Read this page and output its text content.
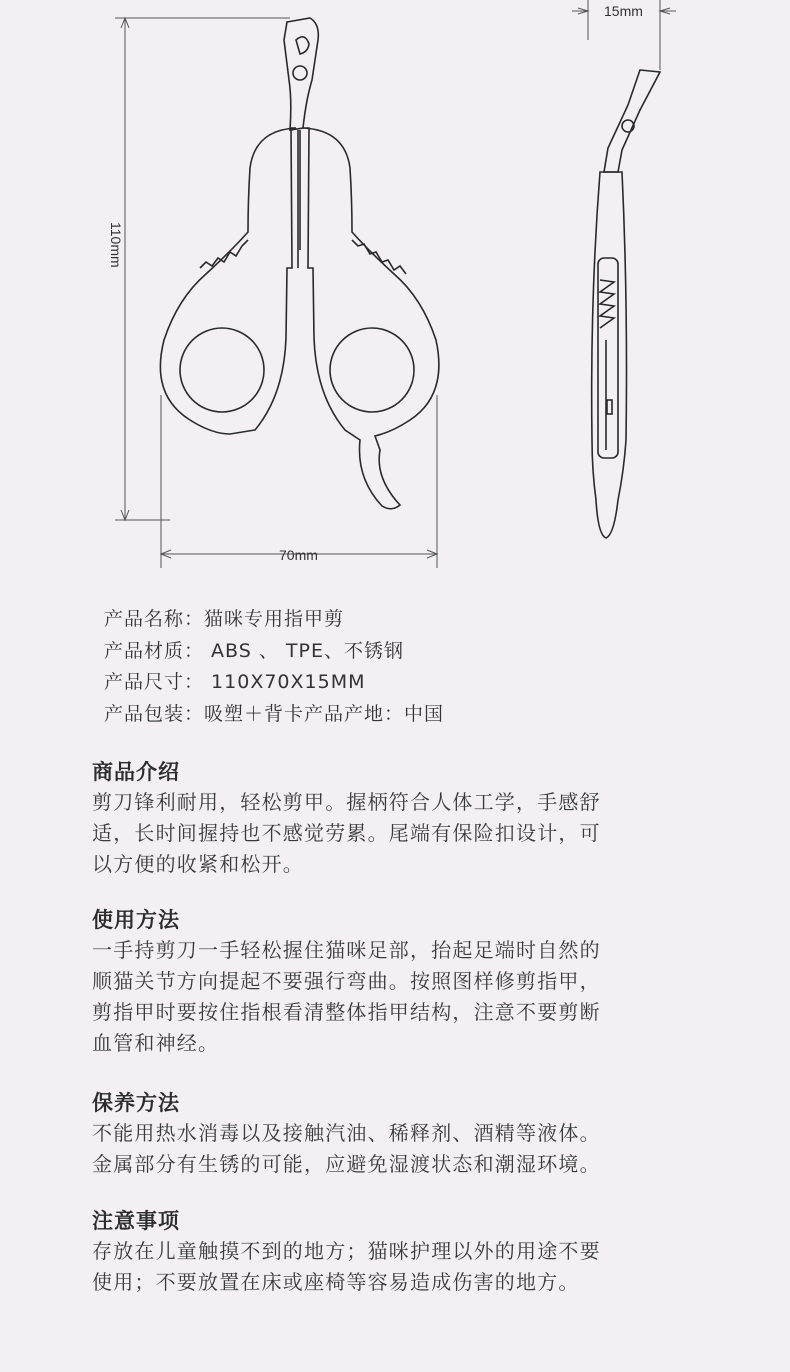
70mm
15mm
110mm
产品名称：猫咪专用指甲剪
产品材质： ABS 、 TPE、不锈钢
产品尺寸： 110X70X15MM
产品包装：吸塑＋背卡产品产地：中国
商品介绍
剪刀锋利耐用，轻松剪甲。握柄符合人体工学，手感舒
适，长时间握持也不感觉劳累。尾端有保险扣设计，可
以方便的收紧和松开。
使用方法
一手持剪刀一手轻松握住猫咪足部，抬起足端时自然的
顺猫关节方向提起不要强行弯曲。按照图样修剪指甲，
剪指甲时要按住指根看清整体指甲结构，注意不要剪断
血管和神经。
保养方法
不能用热水消毒以及接触汽油、稀释剂、酒精等液体。
金属部分有生锈的可能，应避免湿渡状态和潮湿环境。
注意事项
存放在儿童触摸不到的地方；猫咪护理以外的用途不要
使用；不要放置在床或座椅等容易造成伤害的地方。
